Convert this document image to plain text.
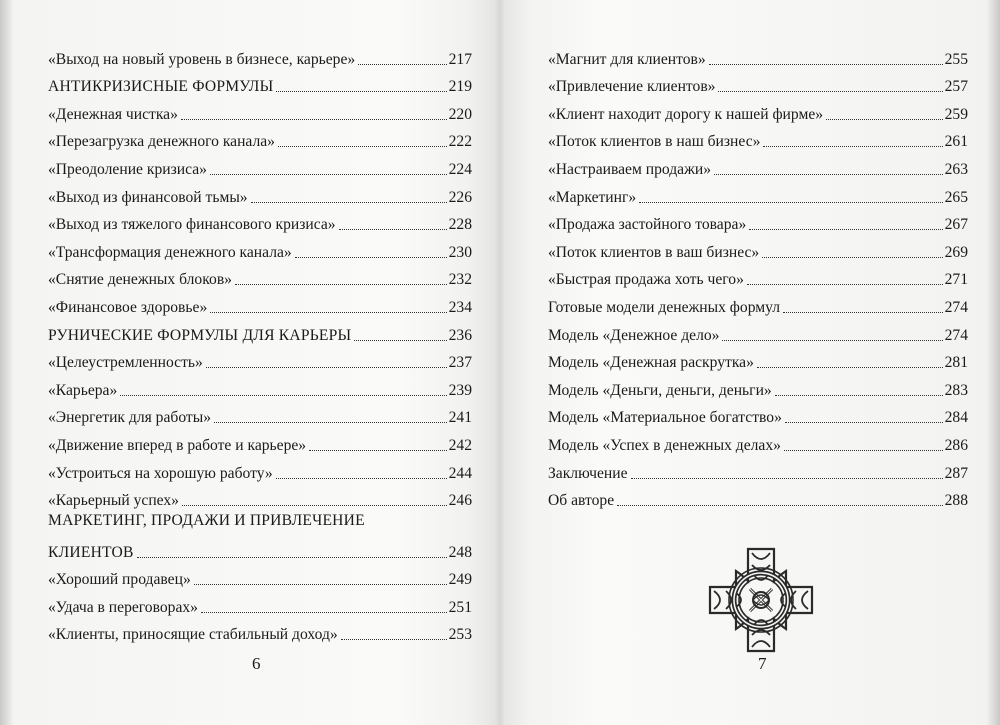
«Выход на новый уровень в бизнесе, карьере»	217
АНТИКРИЗИСНЫЕ ФОРМУЛЫ	219
«Денежная чистка»	220
«Перезагрузка денежного канала»	222
«Преодоление кризиса»	224
«Выход из финансовой тьмы»	226
«Выход из тяжелого финансового кризиса»	228
«Трансформация денежного канала»	230
«Снятие денежных блоков»	232
«Финансовое здоровье»	234
РУНИЧЕСКИЕ ФОРМУЛЫ ДЛЯ КАРЬЕРЫ	236
«Целеустремленность»	237
«Карьера»	239
«Энергетик для работы»	241
«Движение вперед в работе и карьере»	242
«Устроиться на хорошую работу»	244
«Карьерный успех»	246
МАРКЕТИНГ, ПРОДАЖИ И ПРИВЛЕЧЕНИЕ
КЛИЕНТОВ	248
«Хороший продавец»	249
«Удача в переговорах»	251
«Клиенты, приносящие стабильный доход»	253
6
«Магнит для клиентов»	255
«Привлечение клиентов»	257
«Клиент находит дорогу к нашей фирме»	259
«Поток клиентов в наш бизнес»	261
«Настраиваем продажи»	263
«Маркетинг»	265
«Продажа застойного товара»	267
«Поток клиентов в ваш бизнес»	269
«Быстрая продажа хоть чего»	271
Готовые модели денежных формул	274
Модель «Денежное дело»	274
Модель «Денежная раскрутка»	281
Модель «Деньги, деньги, деньги»	283
Модель «Материальное богатство»	284
Модель «Успех в денежных делах»	286
Заключение	287
Об авторе	288
7
